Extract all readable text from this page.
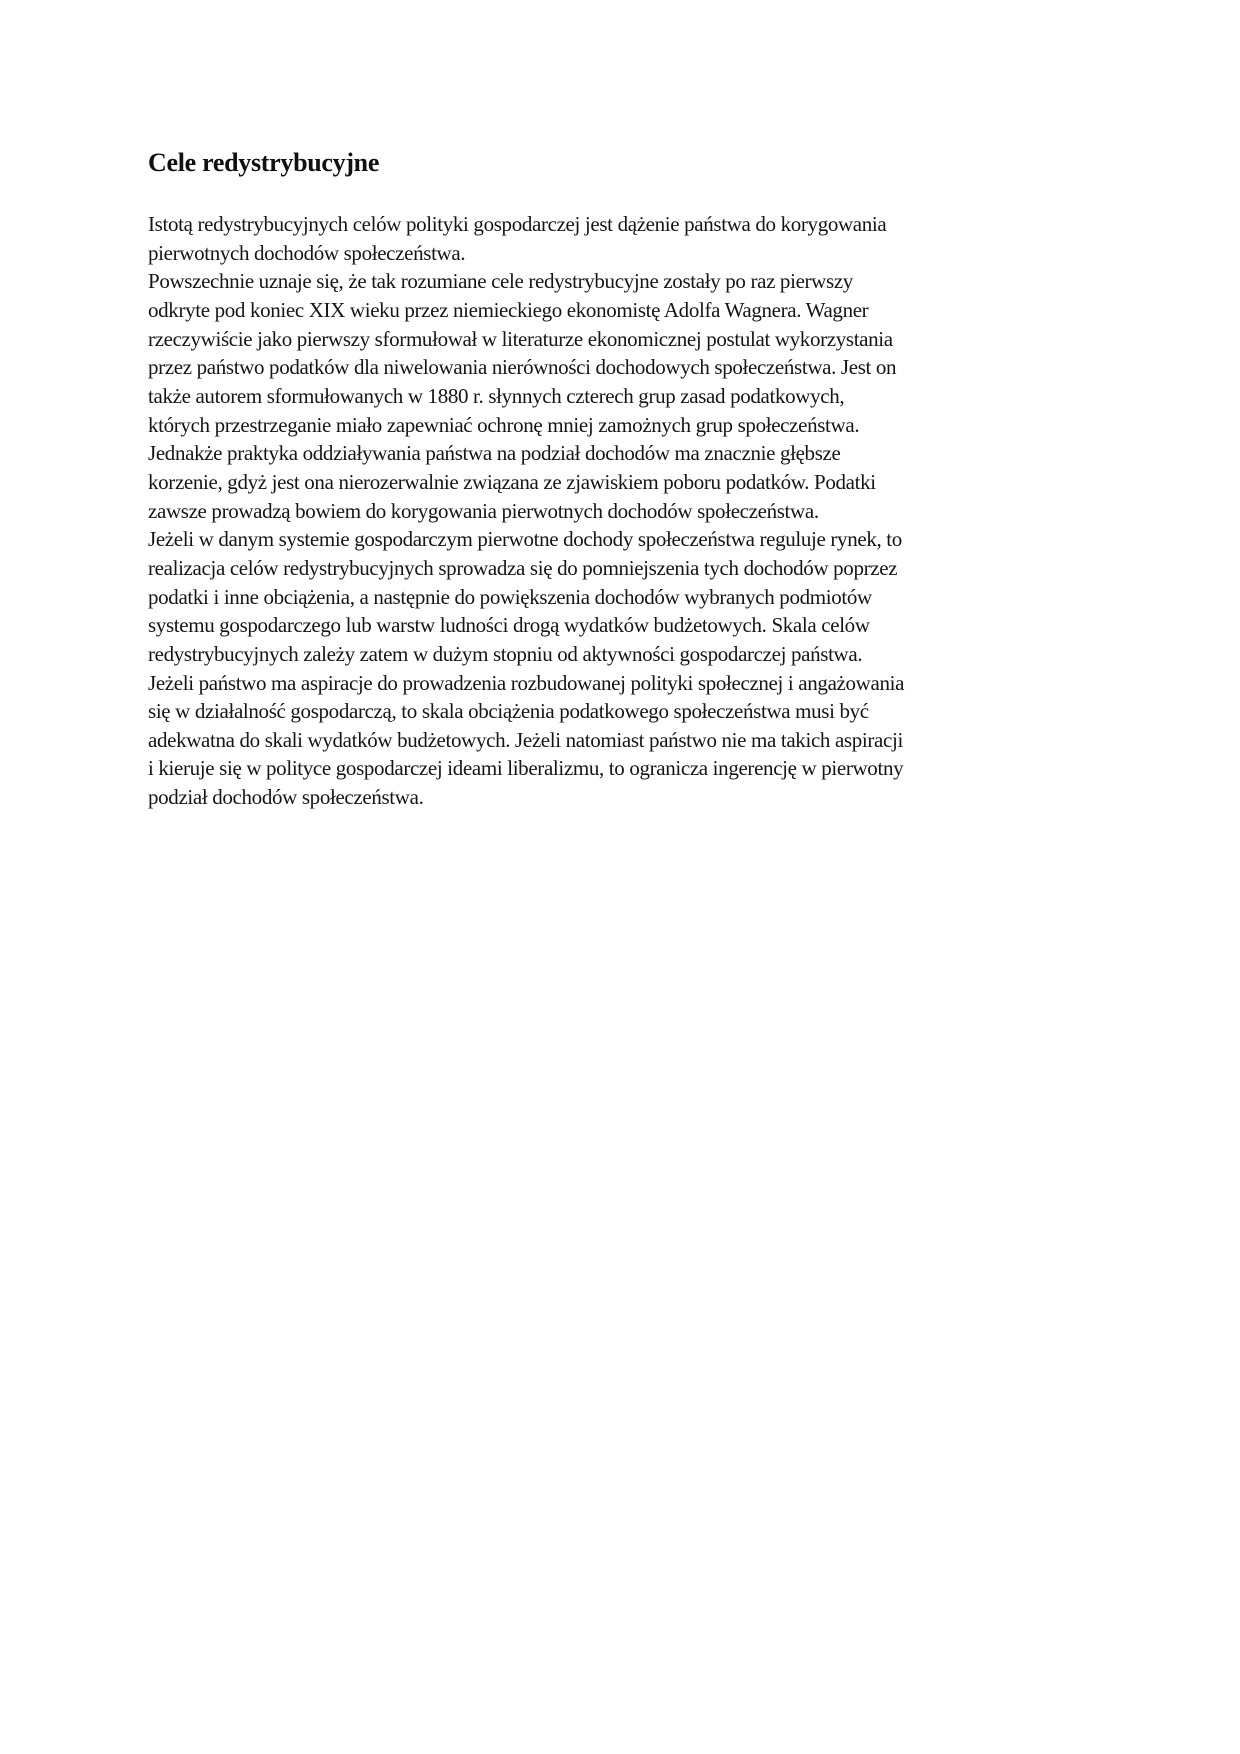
Cele redystrybucyjne
Istotą redystrybucyjnych celów polityki gospodarczej jest dążenie państwa do korygowania
pierwotnych dochodów społeczeństwa.
Powszechnie uznaje się, że tak rozumiane cele redystrybucyjne zostały po raz pierwszy
odkryte pod koniec XIX wieku przez niemieckiego ekonomistę Adolfa Wagnera. Wagner
rzeczywiście jako pierwszy sformułował w literaturze ekonomicznej postulat wykorzystania
przez państwo podatków dla niwelowania nierówności dochodowych społeczeństwa. Jest on
także autorem sformułowanych w 1880 r. słynnych czterech grup zasad podatkowych,
których przestrzeganie miało zapewniać ochronę mniej zamożnych grup społeczeństwa.
Jednakże praktyka oddziaływania państwa na podział dochodów ma znacznie głębsze
korzenie, gdyż jest ona nierozerwalnie związana ze zjawiskiem poboru podatków. Podatki
zawsze prowadzą bowiem do korygowania pierwotnych dochodów społeczeństwa.
Jeżeli w danym systemie gospodarczym pierwotne dochody społeczeństwa reguluje rynek, to
realizacja celów redystrybucyjnych sprowadza się do pomniejszenia tych dochodów poprzez
podatki i inne obciążenia, a następnie do powiększenia dochodów wybranych podmiotów
systemu gospodarczego lub warstw ludności drogą wydatków budżetowych. Skala celów
redystrybucyjnych zależy zatem w dużym stopniu od aktywności gospodarczej państwa.
Jeżeli państwo ma aspiracje do prowadzenia rozbudowanej polityki społecznej i angażowania
się w działalność gospodarczą, to skala obciążenia podatkowego społeczeństwa musi być
adekwatna do skali wydatków budżetowych. Jeżeli natomiast państwo nie ma takich aspiracji
i kieruje się w polityce gospodarczej ideami liberalizmu, to ogranicza ingerencję w pierwotny
podział dochodów społeczeństwa.
